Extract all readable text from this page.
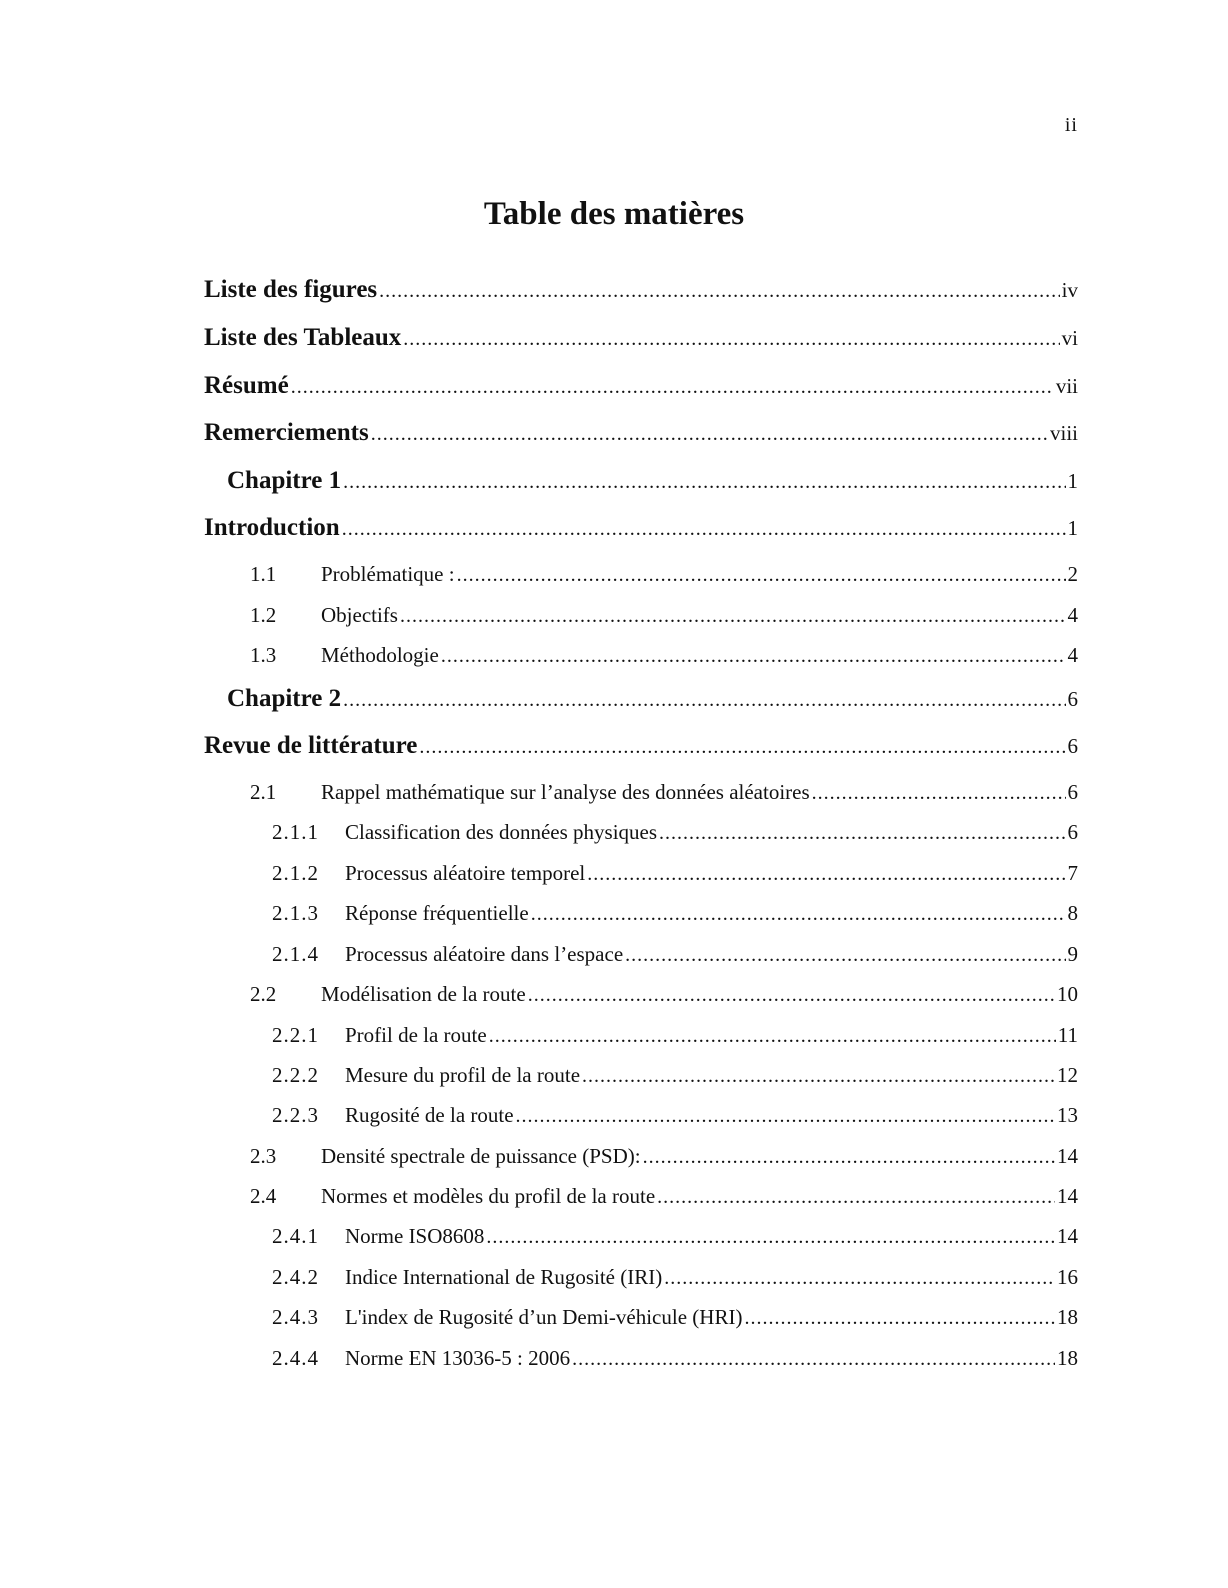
ii
Table des matières
Liste des figures .....	iv
Liste des Tableaux .....	vi
Résumé .....	vii
Remerciements .....	viii
Chapitre 1 .....	1
Introduction .....	1
1.1	Problématique : .....	2
1.2	Objectifs .....	4
1.3	Méthodologie .....	4
Chapitre 2 .....	6
Revue de littérature .....	6
2.1	Rappel mathématique sur l’analyse des données aléatoires .....	6
2.1.1	Classification des données physiques .....	6
2.1.2	Processus aléatoire temporel .....	7
2.1.3	Réponse fréquentielle .....	8
2.1.4	Processus aléatoire dans l’espace .....	9
2.2	Modélisation de la route .....	10
2.2.1	Profil de la route .....	11
2.2.2	Mesure du profil de la route .....	12
2.2.3	Rugosité de la route .....	13
2.3	Densité spectrale de puissance (PSD): .....	14
2.4	Normes et modèles du profil de la route .....	14
2.4.1	Norme ISO8608 .....	14
2.4.2	Indice International de Rugosité (IRI) .....	16
2.4.3	L'index de Rugosité d’un Demi-véhicule (HRI) .....	18
2.4.4	Norme EN 13036-5 : 2006 .....	18
